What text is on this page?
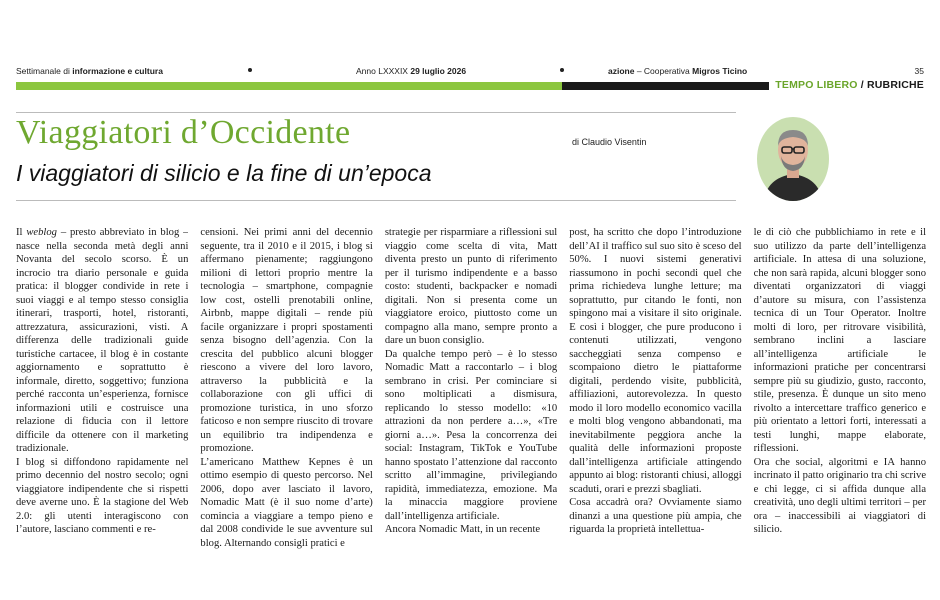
Settimanale di informazione e cultura	Anno LXXXIX 29 luglio 2026	azione – Cooperativa Migros Ticino	35
TEMPO LIBERO / RUBRICHE
Viaggiatori d’Occidente	di Claudio Visentin
I viaggiatori di silicio e la fine di un’epoca

Il weblog – presto abbreviato in blog – nasce nella seconda metà degli anni Novanta del secolo scorso. È un incrocio tra diario personale e guida pratica: il blogger condivide in rete i suoi viaggi e al tempo stesso consiglia itinerari, trasporti, hotel, ristoranti, attrezzatura, assicurazioni, visti. A differenza delle tradizionali guide turistiche cartacee, il blog è in costante aggiornamento e soprattutto è informale, diretto, soggettivo; funziona perché racconta un’esperienza, fornisce informazioni utili e costruisce una relazione di fiducia con il lettore difficile da ottenere con il marketing tradizionale.

I blog si diffondono rapidamente nel primo decennio del nostro secolo; ogni viaggiatore indipendente che si rispetti deve averne uno. È la stagione del Web 2.0: gli utenti interagiscono con l’autore, lasciano commenti e re-

censioni. Nei primi anni del decennio seguente, tra il 2010 e il 2015, i blog si affermano pienamente; raggiungono milioni di lettori proprio mentre la tecnologia – smartphone, compagnie low cost, ostelli prenotabili online, Airbnb, mappe digitali – rende più facile organizzare i propri spostamenti senza bisogno dell’agenzia. Con la crescita del pubblico alcuni blogger riescono a vivere del loro lavoro, attraverso la pubblicità e la collaborazione con gli uffici di promozione turistica, in uno sforzo faticoso e non sempre riuscito di trovare un equilibrio tra indipendenza e promozione.

L’americano Matthew Kepnes è un ottimo esempio di questo percorso. Nel 2006, dopo aver lasciato il lavoro, Nomadic Matt (è il suo nome d’arte) comincia a viaggiare a tempo pieno e dal 2008 condivide le sue avventure sul blog. Alternando consigli pratici e

strategie per risparmiare a riflessioni sul viaggio come scelta di vita, Matt diventa presto un punto di riferimento per il turismo indipendente e a basso costo: studenti, backpacker e nomadi digitali. Non si presenta come un viaggiatore eroico, piuttosto come un compagno alla mano, sempre pronto a dare un buon consiglio.

Da qualche tempo però – è lo stesso Nomadic Matt a raccontarlo – i blog sembrano in crisi. Per cominciare si sono moltiplicati a dismisura, replicando lo stesso modello: «10 attrazioni da non perdere a…», «Tre giorni a…». Pesa la concorrenza dei social: Instagram, TikTok e YouTube hanno spostato l’attenzione dal racconto scritto all’immagine, privilegiando rapidità, immediatezza, emozione. Ma la minaccia maggiore proviene dall’intelligenza artificiale.

Ancora Nomadic Matt, in un recente

post, ha scritto che dopo l’introduzione dell’AI il traffico sul suo sito è sceso del 50%. I nuovi sistemi generativi riassumono in pochi secondi quel che prima richiedeva lunghe letture; ma soprattutto, pur citando le fonti, non spingono mai a visitare il sito originale. E così i blogger, che pure producono i contenuti utilizzati, vengono saccheggiati senza compenso e scompaiono dietro le piattaforme digitali, perdendo visite, pubblicità, affiliazioni, autorevolezza. In questo modo il loro modello economico vacilla e molti blog vengono abbandonati, ma inevitabilmente peggiora anche la qualità delle informazioni proposte dall’intelligenza artificiale attingendo appunto ai blog: ristoranti chiusi, alloggi scaduti, orari e prezzi sbagliati.

Cosa accadrà ora? Ovviamente siamo dinanzi a una questione più ampia, che riguarda la proprietà intellettua-

le di ciò che pubblichiamo in rete e il suo utilizzo da parte dell’intelligenza artificiale. In attesa di una soluzione, che non sarà rapida, alcuni blogger sono diventati organizzatori di viaggi d’autore su misura, con l’assistenza tecnica di un Tour Operator. Inoltre molti di loro, per ritrovare visibilità, sembrano inclini a lasciare all’intelligenza artificiale le informazioni pratiche per concentrarsi sempre più su giudizio, gusto, racconto, stile, presenza. È dunque un sito meno rivolto a intercettare traffico generico e più orientato a lettori forti, interessati a testi lunghi, mappe elaborate, riflessioni.

Ora che social, algoritmi e IA hanno incrinato il patto originario tra chi scrive e chi legge, ci si affida dunque alla creatività, uno degli ultimi territori – per ora – inaccessibili ai viaggiatori di silicio.
